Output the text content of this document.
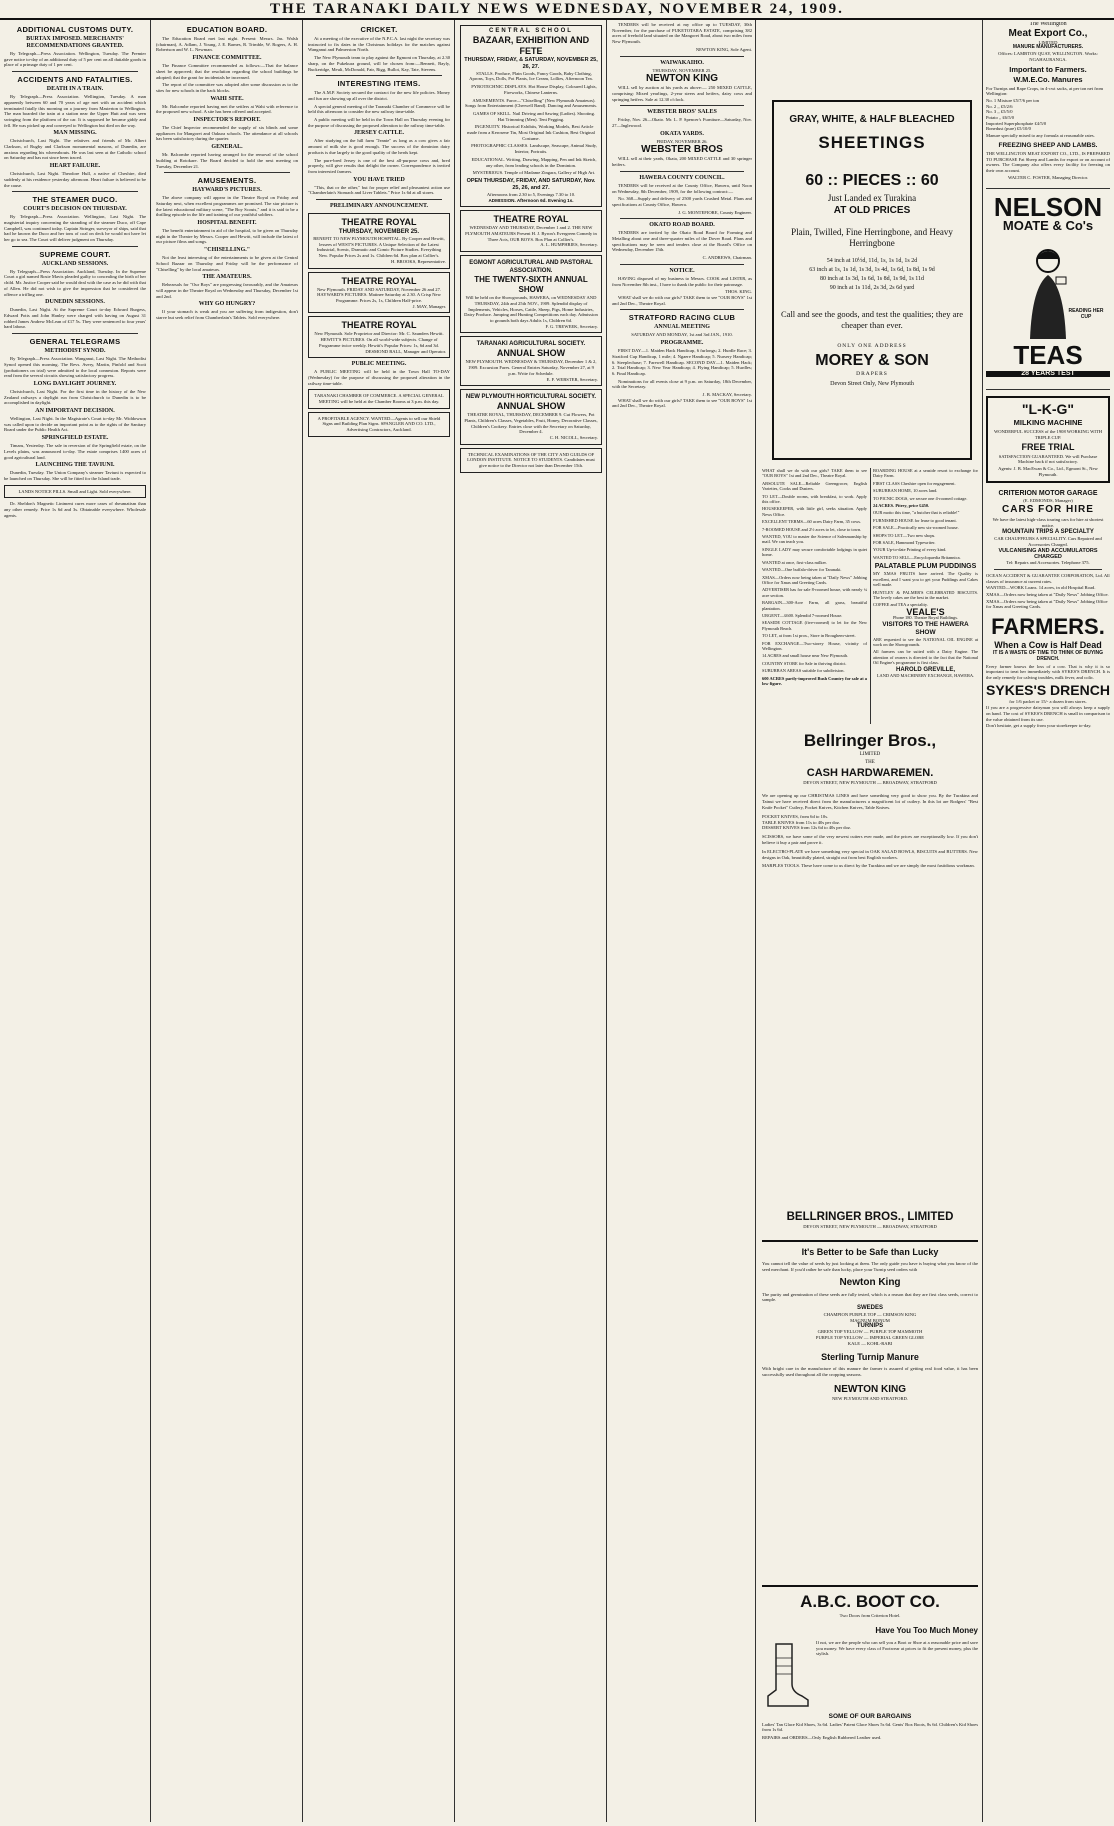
THE TARANAKI DAILY NEWS WEDNESDAY, NOVEMBER 24, 1909.
ADDITIONAL CUSTOMS DUTY.
BURTAX IMPOSED. MERCHANTS' RECOMMENDATIONS GRANTED.

By Telegraph—Press Association. Wellington, Tuesday. The Premier gave notice to-day of an additional duty of 5 per cent on all dutiable goods in place of a primage duty of 1 per cent.

ACCIDENTS AND FATALITIES.
DEATH IN A TRAIN.

By Telegraph—Press Association. Wellington, Tuesday. A man apparently between 60 and 70 years of age met with an accident which terminated fatally this morning on a journey from Masterton to Wellington. The man boarded the train at a station near the Upper Hutt and was seen swinging from the platform of the car. It is supposed he became giddy and fell. He was picked up and conveyed to Wellington but died on the way.

MAN MISSING.

Christchurch, Last Night. The relatives and friends of Mr. Albert Clarkson, of Rugby and Clarkson monumental masons, of Dunedin, are anxious regarding his whereabouts. He was last seen at the Catholic school on Saturday and has not since been traced.

HEART FAILURE.

Christchurch, Last Night. Theodore Hull, a native of Cheshire, died suddenly at his residence yesterday afternoon. Heart failure is believed to be the cause.

THE STEAMER DUCO.
COURT'S DECISION ON THURSDAY.

By Telegraph—Press Association. Wellington, Last Night. The magisterial inquiry concerning the stranding of the steamer Duco, off Cape Campbell, was continued today. Captain Stringer, surveyor of ships, said that had he known the Duco and her tons of coal on deck he would not have let her go to sea. The Court will deliver judgment on Thursday.

SUPREME COURT.
AUCKLAND SESSIONS.

By Telegraph—Press Association. Auckland, Tuesday. In the Supreme Court a girl named Rosie Mavis pleaded guilty to concealing the birth of her child. Mr. Justice Cooper said he would deal with the case as he did with that of Allen. He did not wish to give the impression that he considered the offence a trifling one.

DUNEDIN SESSIONS.

Dunedin, Last Night. At the Supreme Court to-day Edward Burgess, Edward Potts and John Hanley were charged with having on August 31 robbed James Andrew McLean of £17 5s. They were sentenced to four years' hard labour.

GENERAL TELEGRAMS
METHODIST SYNOD.

By Telegraph—Press Association. Wanganui, Last Night. The Methodist Synod opened this morning. The Revs. Avery, Martin, Pinfold and Scott (probationers on trial) were admitted to the local connexion. Reports were read from the several circuits showing satisfactory progress.

LONG DAYLIGHT JOURNEY.

Christchurch, Last Night. For the first time in the history of the New Zealand railways a daylight run from Christchurch to Dunedin is to be accomplished in daylight.

AN IMPORTANT DECISION.

Wellington, Last Night. In the Magistrate's Court to-day Mr. Widdowson was called upon to decide an important point as to the rights of the Sanitary Board under the Public Health Act.

SPRINGFIELD ESTATE.

Timaru, Yesterday. The sale in reversion of the Springfield estate, on the Levels plains, was announced to-day. The estate comprises 1400 acres of good agricultural land.

LAUNCHING THE TAVIUNI.

Dunedin, Tuesday. The Union Company's steamer Taviuni is expected to be launched on Thursday. She will be fitted for the Island trade.

LANDS NOTICE PILLS. Small and Light. Sold everywhere.

Dr. Sheldon's Magnetic Liniment cures more cases of rheumatism than any other remedy. Price 1s 6d and 3s. Obtainable everywhere. Wholesale agents.

EDUCATION BOARD.

The Education Board met last night. Present: Messrs. Jas. Walsh (chairman), A. Adlam, J. Young, J. E. Barnes, R. Trimble, W. Rogers, A. H. Robertson and W. L. Newman.

FINANCE COMMITTEE.

The Finance Committee recommended as follows:—That the balance sheet be approved; that the resolution regarding the school buildings be adopted; that the grant for incidentals be increased.

The report of the committee was adopted after some discussion as to the sites for new schools in the back blocks.

WAHI SITE.

Mr. Balcombe reported having met the settlers at Wahi with reference to the proposed new school. A site has been offered and accepted.

INSPECTOR'S REPORT.

The Chief Inspector recommended the supply of six blinds and some appliances for Mangorei and Oakura schools. The attendance at all schools has been satisfactory during the quarter.

GENERAL.

Mr. Balcombe reported having arranged for the removal of the school building at Rotokare. The Board decided to hold the next meeting on Tuesday, December 21.

AMUSEMENTS.
HAYWARD'S PICTURES.

The above company will appear in the Theatre Royal on Friday and Saturday next, when excellent programmes are promised. The star picture is the latest educational military scene, "The Boy Scouts," and it is said to be a thrilling episode in the life and training of our youthful soldiers.

HOSPITAL BENEFIT.

The benefit entertainment in aid of the hospital, to be given on Thursday night in the Theatre by Messrs. Cooper and Hewitt, will include the latest of our picture films and songs.

"CHISELLING."

Not the least interesting of the entertainments to be given at the Central School Bazaar on Thursday and Friday will be the performance of "Chiselling" by the local amateurs.

THE AMATEURS.

Rehearsals for "Our Boys" are progressing favourably, and the Amateurs will appear in the Theatre Royal on Wednesday and Thursday, December 1st and 2nd.

WHY GO HUNGRY?

If your stomach is weak and you are suffering from indigestion, don't starve but seek relief from Chamberlain's Tablets. Sold everywhere.

CRICKET.

At a meeting of the executive of the N.P.C.A. last night the secretary was instructed to fix dates in the Christmas holidays for the matches against Wanganui and Palmerston North.

The New Plymouth team to play against the Egmont on Thursday, at 2.30 sharp, on the Pukekura ground, will be chosen from:—Bennett, Bayly, Buckeridge, Meuli, McDonald, Fair, Rigg, Bullot, Kay, Tate, Stevens.

INTERESTING ITEMS.

The A.M.P. Society secured the contract for the new life policies. Money and fun are showing up all over the district.

A special general meeting of the Taranaki Chamber of Commerce will be held this afternoon to consider the new railway time-table.

A public meeting will be held in the Town Hall on Thursday evening for the purpose of discussing the proposed alteration to the railway time-table.

JERSEY CATTLE.

After studying on the hill farm "Jeanie" as long as a cow gives a fair amount of milk she is good enough. The success of the dominion dairy products is due largely to the good quality of the herds kept.

The pure-bred Jersey is one of the best all-purpose cows and, bred properly, will give results that delight the owner. Correspondence is invited from interested farmers.

YOU HAVE TRIED

"This, that or the other," but for proper relief and pleasantest action use "Chamberlain's Stomach and Liver Tablets." Price 1s 6d at all stores.

PRELIMINARY ANNOUNCEMENT.
THEATRE ROYAL
THURSDAY, NOVEMBER 25.
BENEFIT TO NEW PLYMOUTH HOSPITAL. By Cooper and Hewitt, lessees of WEST'S PICTURES. A Unique Selection of the Latest Industrial, Scenic, Dramatic and Comic Picture Studies. Everything New. Popular Prices 2s and 1s. Children 6d. Box plan at Collier's.
H. BROOKS, Representative.
THEATRE ROYAL
New Plymouth. FRIDAY AND SATURDAY, November 26 and 27. HAYWARD'S PICTURES. Matinee Saturday at 2.30. A Crisp New Programme. Prices 2s, 1s, Children Half-price.
J. MAY, Manager.
THEATRE ROYAL
New Plymouth. Sole Proprietor and Director: Mr. C. Saunders Hewitt. HEWITT'S PICTURES. On all world-wide subjects. Change of Programme twice weekly. Hewitt's Popular Prices: 1s, 6d and 3d.
DESMOND BALL, Manager and Operator.
PUBLIC MEETING.

A PUBLIC MEETING will be held in the Town Hall TO-DAY (Wednesday) for the purpose of discussing the proposed alteration in the railway time-table.

TARANAKI CHAMBER OF COMMERCE. A SPECIAL GENERAL MEETING will be held at the Chamber Rooms at 3 p.m. this day.
A PROFITABLE AGENCY. WANTED—Agents to sell our Shield Signs and Building Plan Signs. SPANGLER AND CO. LTD., Advertising Contractors, Auckland.
CENTRAL SCHOOL
BAZAAR, EXHIBITION AND FETE
THURSDAY, FRIDAY, & SATURDAY, NOVEMBER 25, 26, 27.

STALLS. Produce, Plain Goods, Fancy Goods, Baby Clothing, Aprons, Toys, Dolls, Pot Plants, Ice Cream, Lollies, Afternoon Tea.

PYROTECHNIC DISPLAYS. Hot House Display, Coloured Lights, Fireworks, Chinese Lanterns.

AMUSEMENTS. Farce—"Chiselling" (New Plymouth Amateurs). Songs from Entertainment (Cherwell Band). Dancing and Amusements.

GAMES OF SKILL. Nail Driving and Sawing (Ladies). Shooting. Hat Trimming (Men). Tent Pegging.

INGENUITY. Historical Exhibits, Working Models, Best Article made from a Kerosene Tin, Most Original Ink Cushion, Best Original Costume.

PHOTOGRAPHIC CLASSES. Landscape, Seascape, Animal Study, Interior, Portraits.

EDUCATIONAL. Writing, Drawing, Mapping, Pen and Ink Sketch, any other, from leading schools in the Dominion.

MYSTERIOUS. Temple of Madame Zingara, Gallery of High Art.

OPEN THURSDAY, FRIDAY, AND SATURDAY, Nov. 25, 26, and 27.
Afternoons from 2.30 to 5, Evenings 7.30 to 10.
ADMISSION. Afternoon 6d. Evening 1s.
THEATRE ROYAL
WEDNESDAY AND THURSDAY, December 1 and 2. THE NEW PLYMOUTH AMATEURS Present H. J. Byron's Evergreen Comedy in Three Acts, OUR BOYS. Box Plan at Collier's.
A. L. HUMPHRIES, Secretary.
EGMONT AGRICULTURAL AND PASTORAL ASSOCIATION.
THE TWENTY-SIXTH ANNUAL SHOW
Will be held on the Showgrounds, HAWERA, on WEDNESDAY AND THURSDAY, 24th and 25th NOV., 1909. Splendid display of Implements, Vehicles, Horses, Cattle, Sheep, Pigs, Home Industries, Dairy Produce. Jumping and Hunting Competitions each day. Admission to grounds both days Adults 1s, Children 6d.
F. G. TREWEEK, Secretary.
TARANAKI AGRICULTURAL SOCIETY.
ANNUAL SHOW
NEW PLYMOUTH. WEDNESDAY & THURSDAY, December 1 & 2, 1909. Excursion Fares. General Entries Saturday, November 27, at 9 p.m. Write for Schedule.
E. F. WEBSTER, Secretary.
NEW PLYMOUTH HORTICULTURAL SOCIETY.
ANNUAL SHOW
THEATRE ROYAL, THURSDAY, DECEMBER 9. Cut Flowers, Pot Plants, Children's Classes, Vegetables, Fruit, Honey, Decorative Classes, Children's Cookery. Entries close with the Secretary on Saturday, December 4.
C. H. NICOLL, Secretary.
TECHNICAL EXAMINATIONS OF THE CITY AND GUILDS OF LONDON INSTITUTE. NOTICE TO STUDENTS. Candidates must give notice to the Director not later than December 15th.

TENDERS will be received at my office up to TUESDAY, 30th November, for the purchase of PUKETOTARA ESTATE, comprising 382 acres of freehold land situated on the Mangorei Road, about two miles from New Plymouth.

NEWTON KING, Sole Agent.
WAIWAKAIHO.
THURSDAY, NOVEMBER 25.
NEWTON KING

WILL sell by auction at his yards as above:— 250 MIXED CATTLE, comprising: Mixed yearlings, 2-year steers and heifers, dairy cows and springing heifers. Sale at 12.30 o'clock.

WEBSTER BROS' SALES

Friday, Nov. 26—Okato. Mr. L. P. Spencer's Furniture—Saturday, Nov. 27—Inglewood.

OKATA YARDS.
FRIDAY, NOVEMBER 26.
WEBSTER BROS

WILL sell at their yards, Okata, 200 MIXED CATTLE and 30 springer heifers.

HAWERA COUNTY COUNCIL.

TENDERS will be received at the County Office, Hawera, until Noon on Wednesday, 8th December, 1909, for the following contract:—

No. 368—Supply and delivery of 2500 yards Crushed Metal. Plans and specifications at County Office, Hawera.

J. G. MONTEFIORE, County Engineer.
OKATO ROAD BOARD.

TENDERS are invited by the Okato Road Board for Forming and Metalling about one and three-quarter miles of the Dover Road. Plans and specifications may be seen and tenders close at the Board's Office on Wednesday, December 15th.

C. ANDREWS, Chairman.
NOTICE.

HAVING disposed of my business to Messrs. COOK and LISTER, as from November 8th inst., I have to thank the public for their patronage.

THOS. KING.

WHAT shall we do with our girls? TAKE them to see "OUR BOYS" 1st and 2nd Dec., Theatre Royal.

STRATFORD RACING CLUB
ANNUAL MEETING
SATURDAY AND MONDAY, 1st and 3rd JAN., 1910.
PROGRAMME.

FIRST DAY—1. Maiden Hack Handicap, 6 furlongs; 2. Hurdle Race; 3. Stratford Cup Handicap, 1 mile; 4. Ngaere Handicap; 5. Nursery Handicap; 6. Steeplechase; 7. Farewell Handicap. SECOND DAY—1. Maiden Hack; 2. Trial Handicap; 3. New Year Handicap; 4. Flying Handicap; 5. Hurdles; 6. Final Handicap.

Nominations for all events close at 9 p.m. on Saturday, 18th December, with the Secretary.

J. B. MACKAY, Secretary.

WHAT shall we do with our girls? TAKE them to see "OUR BOYS" 1st and 2nd Dec., Theatre Royal.

GRAY, WHITE, & HALF BLEACHED
SHEETINGS
60 :: PIECES :: 60
Just Landed ex Turakina
AT OLD PRICES
Plain, Twilled, Fine Herringbone, and Heavy Herringbone
54 inch at 10½d, 11d, 1s, 1s 1d, 1s 2d
63 inch at 1s, 1s 1d, 1s 3d, 1s 4d, 1s 6d, 1s 8d, 1s 9d
80 inch at 1s 3d, 1s 6d, 1s 8d, 1s 9d, 1s 11d
90 inch at 1s 11d, 2s 3d, 2s 6d yard
Call and see the goods, and test the qualities; they are cheaper than ever.
ONLY ONE ADDRESS
MOREY & SON
DRAPERS
Devon Street Only, New Plymouth
Bellringer Bros.,
LIMITED
THE
CASH HARDWAREMEN.
DEVON STREET, NEW PLYMOUTH — BROADWAY, STRATFORD

We are opening up our CHRISTMAS LINES and have something very good to show you. By the Turakina and Tainui we have received direct from the manufacturers a magnificent lot of cutlery. In this lot are Rodgers' "Best Knife Pocket" Cutlery, Pocket Knives, Kitchen Knives, Table Knives.

POCKET KNIVES, from 6d to 10s.
TABLE KNIVES from 11s to 40s per doz.
DESSERT KNIVES from 12s 6d to 40s per doz.

SCISSORS, we have some of the very newest cutters ever made, and the prices are exceptionally low. If you don't believe it buy a pair and prove it.

In ELECTRO-PLATE we have something very special in OAK SALAD BOWLS, BISCUITS and BUTTERS. New designs in Oak, beautifully plated, straight out from best English workers.

MARPLES TOOLS. These have come to us direct by the Turakina and we are simply the most fastidious workman.

BELLRINGER BROS., LIMITED
DEVON STREET, NEW PLYMOUTH — BROADWAY, STRATFORD
It's Better to be Safe than Lucky

You cannot tell the value of seeds by just looking at them. The only guide you have is buying what you know of the seed merchant. If you'd rather be safe than lucky, place your Turnip seed orders with

Newton King

The purity and germination of these seeds are fully tested, which is a reason that they are first class seeds, correct to sample.

SWEDES
CHAMPION PURPLE TOP — CRIMSON KING
MAGNUM BONUM
TURNIPS
GREEN TOP YELLOW — PURPLE TOP MAMMOTH
PURPLE TOP YELLOW — IMPERIAL GREEN GLOBE
KALE — KOHL-RABI
Sterling Turnip Manure

With bright care in the manufacture of this manure the farmer is assured of getting real food value, it has been successfully used throughout all the cropping seasons.

NEWTON KING
NEW PLYMOUTH AND STRATFORD.
A.B.C. BOOT CO.
Two Doors from Criterion Hotel.
Have You Too Much Money

If not, we are the people who can sell you a Boot or Shoe at a reasonable price and save you money. We have every class of Footwear at prices to fit the present money, plus the stylish.

SOME OF OUR BARGAINS

Ladies' Tan Glace Kid Shoes, 3s 6d. Ladies' Patent Glace Shoes 5s 6d. Gents' Box Boots, 8s 6d. Children's Kid Shoes from 1s 6d.

REPAIRS and ORDERS—Only English Rubbered Leather used.

The Wellington
Meat Export Co.,
LIMITED
MANURE MANUFACTURERS.
Offices: LAMBTON QUAY, WELLINGTON. Works: NGAHAURANGA.
Important to Farmers.
W.M.E.Co. Manures

For Turnips and Rape Crops, in 4-cwt sacks, at per ton net from Wellington:

No. 1 Mixture £5/7/6 per ton
No. 2 ,, £5/2/6
No. 3 ,, £5/5/0
Potato ,, £6/5/0
Imported Superphosphate £4/5/0
Bonedust (pure) £5/10/0

Manure specially mixed to any formula at reasonable rates.

FREEZING SHEEP AND LAMBS.

THE WELLINGTON MEAT EXPORT CO., LTD., IS PREPARED TO PURCHASE Fat Sheep and Lambs for export or on account of owners. The Company also offers every facility for freezing on their own account.

WALTER C. FOSTER, Managing Director.
NELSON
MOATE & Co's
READING HER CUP
TEAS
28 YEARS TEST
"L-K-G"
MILKING MACHINE

WONDERFUL SUCCESS of the 1908 WORKING WITH TRIPLE CUP.

FREE TRIAL

SATISFACTION GUARANTEED. We will Purchase Machine back if not satisfactory.

Agents: J. B. MacEwan & Co., Ltd., Egmont St., New Plymouth.
CRITERION MOTOR GARAGE
(E. EDMONDS, Manager)
CARS FOR HIRE

We have the latest high-class touring cars for hire at shortest notice.

MOUNTAIN TRIPS A SPECIALTY

CAR CHAUFFEURS A SPECIALITY. Cars Repaired and Accessories Charged.

VULCANISING AND ACCUMULATORS CHARGED
Tel: Repairs and Accessories. Telephone 375.

OCEAN ACCIDENT & GUARANTEE CORPORATION, Ltd. All classes of insurance at current rates.

WANTED—WORK Loans. 14 acres, in old Hospital Road.

XMAS—Orders now being taken at "Daily News" Jobbing Office.

XMAS—Orders now being taken at "Daily News" Jobbing Office for Xmas and Greeting Cards.

FARMERS.
When a Cow is Half Dead
IT IS A WASTE OF TIME TO THINK OF BUYING DRENCH.

Every farmer knows the loss of a cow. That is why it is so important to treat her immediately with SYKES'S DRENCH. It is the only remedy for calving troubles, milk fever, and colic.

SYKES'S DRENCH
for 1/6 packet or 15/- a dozen from stores.

If you are a progressive dairyman you will always keep a supply on hand. The cost of SYKES'S DRENCH is small in comparison to the value obtained from its use.

Don't hesitate, get a supply from your storekeeper to-day.

WHAT shall we do with our girls? TAKE them to see "OUR BOYS" 1st and 2nd Dec., Theatre Royal.

ABSOLUTE SALE—Reliable Greengrocer, English Varieties, Cooks and Dusters.

TO LET—Double rooms, with breakfast, to work. Apply this office.

HOUSEKEEPER, with little girl, seeks situation. Apply News Office.

EXCELLENT TERMS—60 acres Dairy Farm, 35 cows.

7-ROOMED HOUSE and 2½ acres to let, close to town.

WANTED, YOU to master the Science of Salesmanship by mail. We can teach you.

SINGLE LADY may secure comfortable lodgings in quiet home.

WANTED at once, first-class milker.

WANTED—One buffalo-driver for Taranaki.

XMAS—Orders now being taken at "Daily News" Jobbing Office for Xmas and Greeting Cards.

ADVERTISER has for sale 8-roomed house, with nearly ¼ acre section.

BARGAIN—300-Acre Farm, all grass, beautiful plantation.

URGENT—£600. Splendid 7-roomed House.

SEASIDE COTTAGE (five-roomed) to let for the New Plymouth Beach.

TO LET, at from 1st prox., Store in Broughem-street.

FOR EXCHANGE—Two-storey House, vicinity of Wellington.

14 ACRES and small house near New Plymouth.

COUNTRY STORE for Sale in thriving district.

SUBURBAN AREAS suitable for subdivision.

600 ACRES partly-improved Bush Country for sale at a low figure.

BOARDING HOUSE at a seaside resort to exchange for Dairy Farm.

FIRST CLASS Cheshire open for engagement.

SUBURBAN HOME, 10 acres land.

TO PICNIC DOGS, we secure one 4-roomed cottage.

24 ACRES. Pitrey, price £450.

OUR motto this time, "a butcher that is reliable!"

FURNISHED HOUSE for lease to good tenant.

FOR SALE—Practically new six-roomed house.

SHOPS TO LET—Two new shops.

FOR SALE, Hammond Typewriter.

YOUR Up-to-date Printing of every kind.

WANTED TO SELL—Encyclopaedia Britannica.

PALATABLE PLUM PUDDINGS

MY XMAS FRUITS have arrived. The Quality is excellent, and I want you to get your Puddings and Cakes well made.

HUNTLEY & PALMER'S CELEBRATED BISCUITS. The lovely cakes are the best in the market.

COFFEE and TEA a speciality.

VEALE'S
Phone 180. Theatre Royal Buildings.
VISITORS TO THE HAWERA SHOW

ARE requested to see the NATIONAL OIL ENGINE at work on the Showgrounds.

All farmers can be suited with a Dairy Engine. The attention of owners is directed to the fact that the National Oil Engine's programme is first class.

HAROLD GREVILLE,
LAND AND MACHINERY EXCHANGE, HAWERA.
